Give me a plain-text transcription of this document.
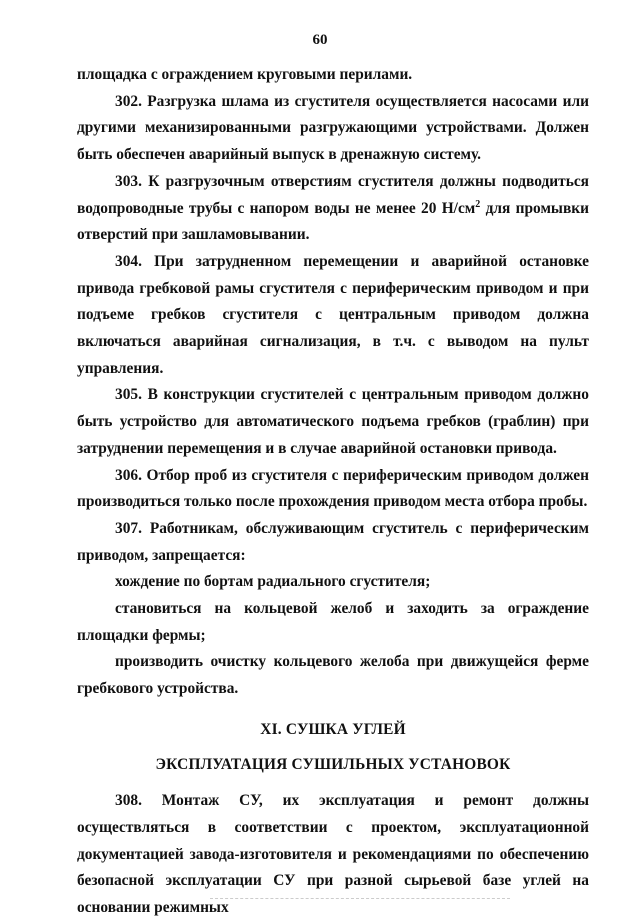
60

площадка с ограждением круговыми перилами.

302. Разгрузка шлама из сгустителя осуществляется насосами или другими механизированными разгружающими устройствами. Должен быть обеспечен аварийный выпуск в дренажную систему.

303. К разгрузочным отверстиям сгустителя должны подводиться водопроводные трубы с напором воды не менее 20 $Н/см^2$ для промывки отверстий при зашламовывании.

304. При затрудненном перемещении и аварийной остановке привода гребковой рамы сгустителя с периферическим приводом и при подъеме гребков сгустителя с центральным приводом должна включаться аварийная сигнализация, в т.ч. с выводом на пульт управления.

305. В конструкции сгустителей с центральным приводом должно быть устройство для автоматического подъема гребков (граблин) при затруднении перемещения и в случае аварийной остановки привода.

306. Отбор проб из сгустителя с периферическим приводом должен производиться только после прохождения приводом места отбора пробы.

307. Работникам, обслуживающим сгуститель с периферическим приводом, запрещается:

хождение по бортам радиального сгустителя;

становиться на кольцевой желоб и заходить за ограждение площадки фермы;

производить очистку кольцевого желоба при движущейся ферме гребкового устройства.

XI. СУШКА УГЛЕЙ

ЭКСПЛУАТАЦИЯ СУШИЛЬНЫХ УСТАНОВОК

308. Монтаж СУ, их эксплуатация и ремонт должны осуществляться в соответствии с проектом, эксплуатационной документацией завода-изготовителя и рекомендациями по обеспечению безопасной эксплуатации СУ при разной сырьевой базе углей на основании режимных
